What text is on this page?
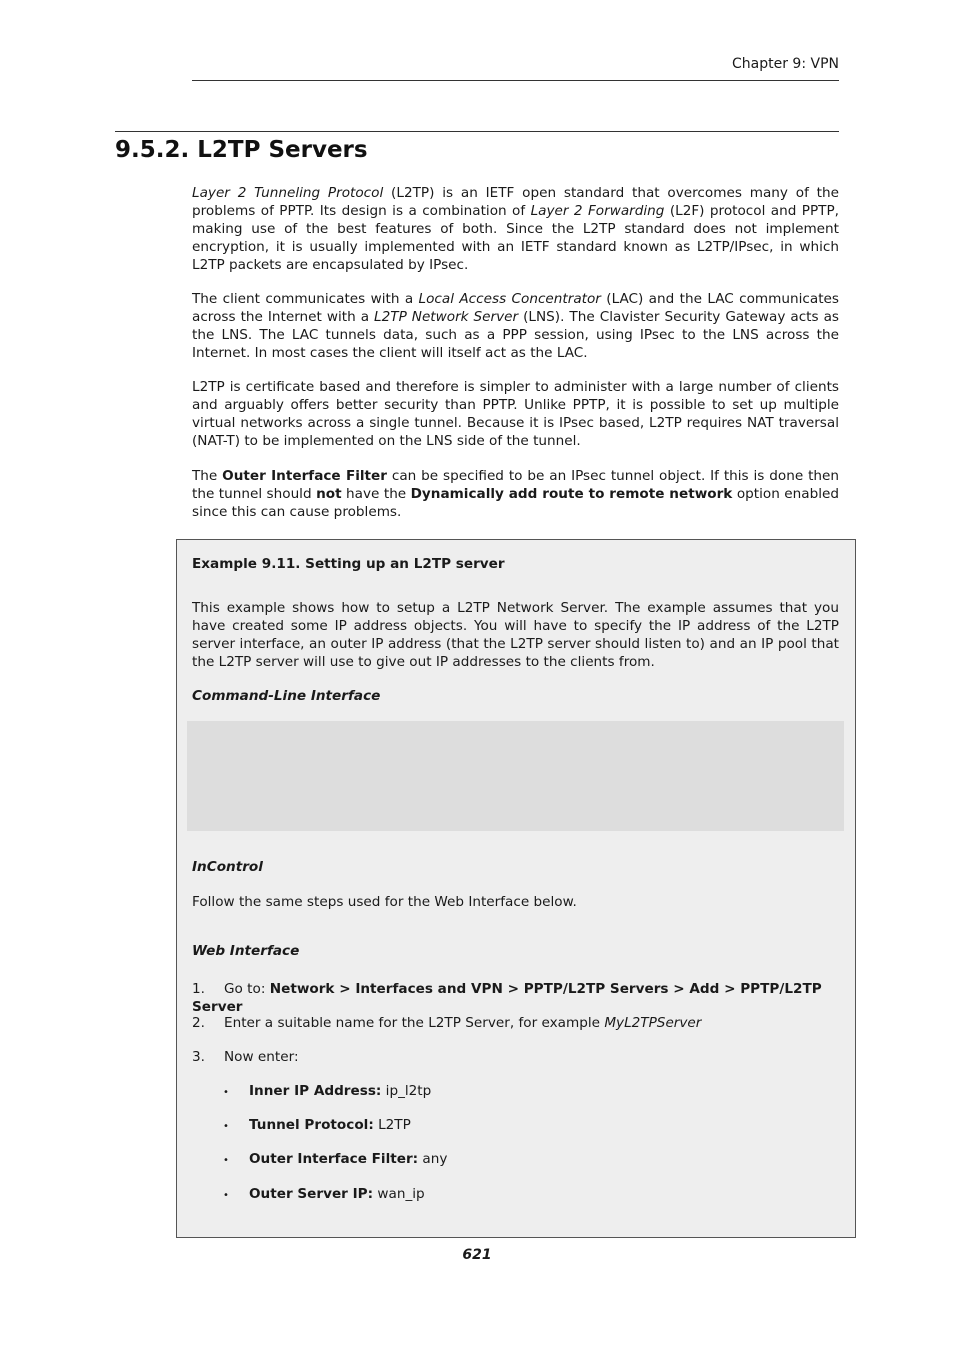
Chapter 9: VPN
9.5.2. L2TP Servers

Layer 2 Tunneling Protocol (L2TP) is an IETF open standard that overcomes many of the problems of PPTP. Its design is a combination of Layer 2 Forwarding (L2F) protocol and PPTP, making use of the best features of both. Since the L2TP standard does not implement encryption, it is usually implemented with an IETF standard known as L2TP/IPsec, in which L2TP packets are encapsulated by IPsec.

The client communicates with a Local Access Concentrator (LAC) and the LAC communicates across the Internet with a L2TP Network Server (LNS). The Clavister Security Gateway acts as the LNS. The LAC tunnels data, such as a PPP session, using IPsec to the LNS across the Internet. In most cases the client will itself act as the LAC.

L2TP is certificate based and therefore is simpler to administer with a large number of clients and arguably offers better security than PPTP. Unlike PPTP, it is possible to set up multiple virtual networks across a single tunnel. Because it is IPsec based, L2TP requires NAT traversal (NAT-T) to be implemented on the LNS side of the tunnel.

The Outer Interface Filter can be specified to be an IPsec tunnel object. If this is done then the tunnel should not have the Dynamically add route to remote network option enabled since this can cause problems.

Example 9.11. Setting up an L2TP server

This example shows how to setup a L2TP Network Server. The example assumes that you have created some IP address objects. You will have to specify the IP address of the L2TP server interface, an outer IP address (that the L2TP server should listen to) and an IP pool that the L2TP server will use to give out IP addresses to the clients from.

Command-Line Interface

InControl

Follow the same steps used for the Web Interface below.

Web Interface

1. Go to: Network > Interfaces and VPN > PPTP/L2TP Servers > Add > PPTP/L2TP Server
2. Enter a suitable name for the L2TP Server, for example MyL2TPServer
3. Now enter:
• Inner IP Address: ip_l2tp
• Tunnel Protocol: L2TP
• Outer Interface Filter: any
• Outer Server IP: wan_ip
621
